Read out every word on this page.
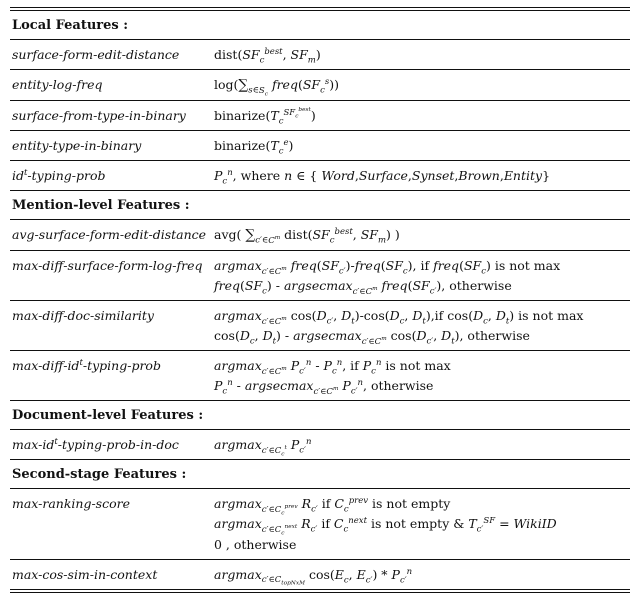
Local Features :
surface-form-edit-distance	$dist(SF_c^{best}$, $SF_m$)
entity-log-freq	$\log(\sum_{s\in S_c}$ $freq(SF_c^s)$)
surface-from-type-in-binary	$binarize(T_c^{SF_c^{best}})$
entity-type-in-binary	$binarize(T_c^e)$
$id^t-typing$-prob	$P_c^n$, where n ∈ { Word,Surface,Synset,Brown,Entity}
Mention-level Features :
avg-surface-form-edit-distance avg( $\sum_{c'\in C^m}$ $dist(SF_c^{best}$, $SF_m$) )
max-diff-surface-form-log-freq argmax$_{c'\in C^m}$ $freq(SF_{c'})-freq(SF_c)$, if $freq(SF_c)$ is not max
$freq(SF_c)$ - argsecmax$_{c'\in C^m}$ $freq(SF_{c'})$, otherwise
max-diff-doc-similarity	argmax$_{c'\in C^m}$ $\cos(D_{c'}$, $D_t)-\cos(D_c$, $D_t),if$ $\cos(D_c$, $D_t$) is not max
$\cos(D_c$, $D_t$) - argsecmax$_{c'\in C^m}$ $\cos(D_{c'}$, $D_t$), otherwise
$\max-diff-id^t-typing$-prob	argmax$_{c'\in C^m}$ $P_{c'}^n - P_c^n$, if $P_c^n$ is not max
$P_c^n$ - argsecmax$_{c'\in C^m}$ $P_{c'}^n$, otherwise
Document-level Features :
$\max-id^t-typing-prob-in$-doc	argmax$_{c'\in C_c^t}$ $P_{c'}^n$
Second-stage Features :
max-ranking-score	argmax$_{c'\in C_c^{prev}}$ $R_{c'}$ if $C_c^{prev}$ is not empty
argmax$_{c'\in C_c^{next}}$ $R_{c'}$ if $C_c^{next}$ is not empty & $T_{c'}^{SF}$ = WikiID
0 , otherwise
max-cos-sim-in-context	argmax$_{c'\in C_{topNxM}}$ $\cos(E_c$, $E_{c'}) * P_{c'}^n$
